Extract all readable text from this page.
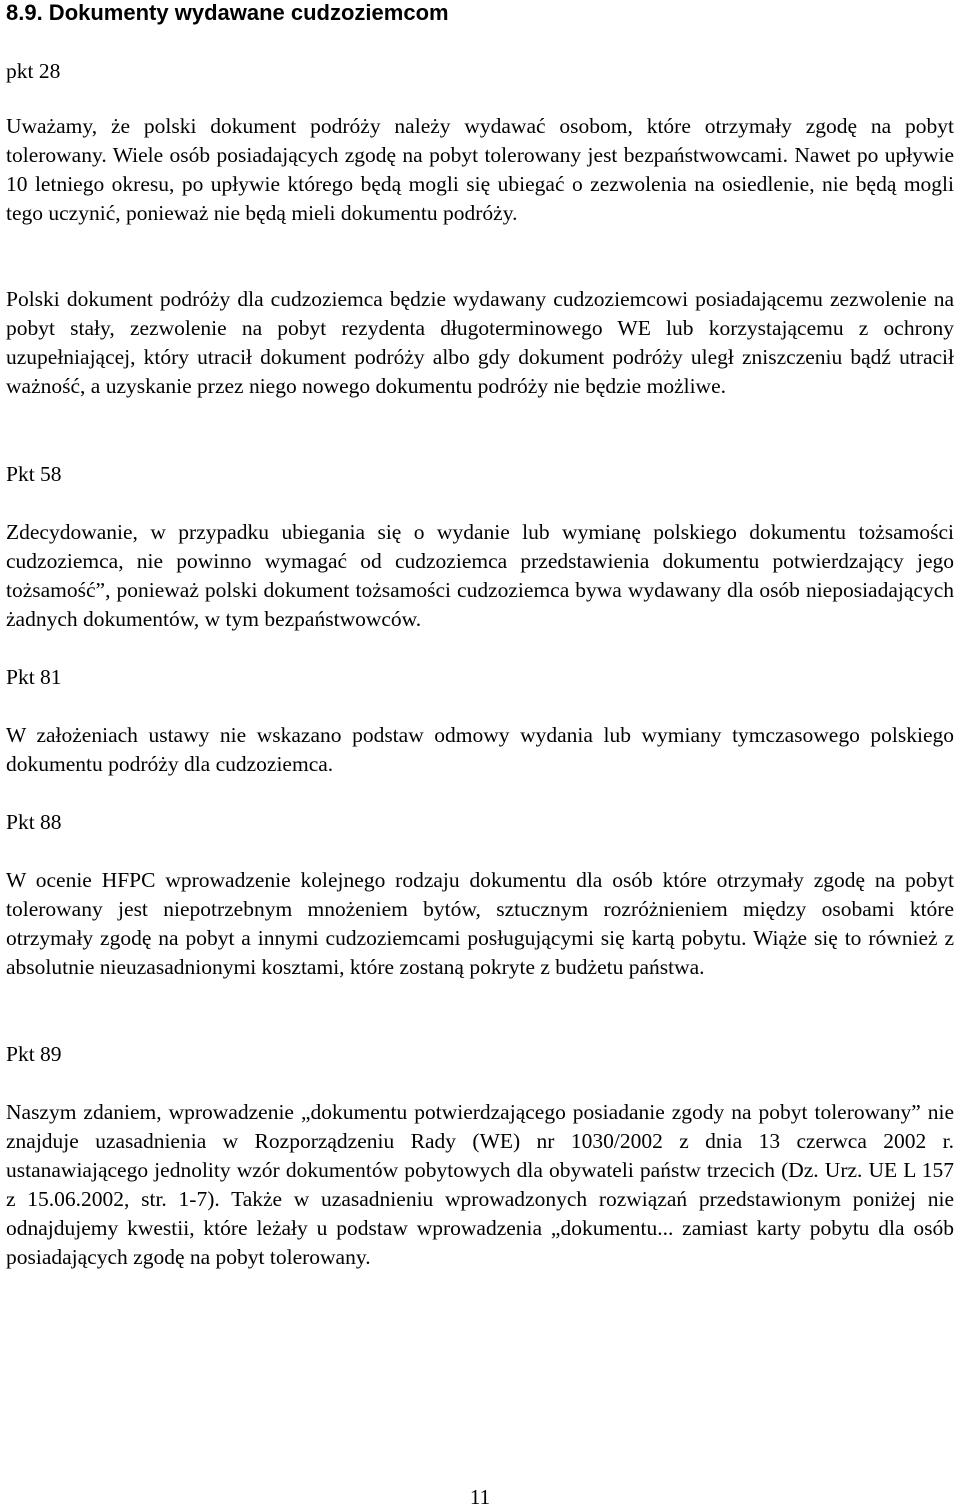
8.9. Dokumenty wydawane cudzoziemcom
pkt 28

Uważamy, że polski dokument podróży należy wydawać osobom, które otrzymały zgodę na pobyt tolerowany. Wiele osób posiadających zgodę na pobyt tolerowany jest bezpaństwowcami. Nawet po upływie 10 letniego okresu, po upływie którego będą mogli się ubiegać o zezwolenia na osiedlenie, nie będą mogli tego uczynić, ponieważ nie będą mieli dokumentu podróży.

Polski dokument podróży dla cudzoziemca będzie wydawany cudzoziemcowi posiadającemu zezwolenie na pobyt stały, zezwolenie na pobyt rezydenta długoterminowego WE lub korzystającemu z ochrony uzupełniającej, który utracił dokument podróży albo gdy dokument podróży uległ zniszczeniu bądź utracił ważność, a uzyskanie przez niego nowego dokumentu podróży nie będzie możliwe.

Pkt 58

Zdecydowanie, w przypadku ubiegania się o wydanie lub wymianę polskiego dokumentu tożsamości cudzoziemca, nie powinno wymagać od cudzoziemca przedstawienia dokumentu potwierdzający jego tożsamość”, ponieważ polski dokument tożsamości cudzoziemca bywa wydawany dla osób nieposiadających żadnych dokumentów, w tym bezpaństwowców.

Pkt 81

W założeniach ustawy nie wskazano podstaw odmowy wydania lub wymiany tymczasowego polskiego dokumentu podróży dla cudzoziemca.

Pkt 88

W ocenie HFPC wprowadzenie kolejnego rodzaju dokumentu dla osób które otrzymały zgodę na pobyt tolerowany jest niepotrzebnym mnożeniem bytów, sztucznym rozróżnieniem między osobami które otrzymały zgodę na pobyt a innymi cudzoziemcami posługującymi się kartą pobytu. Wiąże się to również z absolutnie nieuzasadnionymi kosztami, które zostaną pokryte z budżetu państwa.

Pkt 89

Naszym zdaniem, wprowadzenie „dokumentu potwierdzającego posiadanie zgody na pobyt tolerowany” nie znajduje uzasadnienia w Rozporządzeniu Rady (WE) nr 1030/2002 z dnia 13 czerwca 2002 r. ustanawiającego jednolity wzór dokumentów pobytowych dla obywateli państw trzecich (Dz. Urz. UE L 157 z 15.06.2002, str. 1-7). Także w uzasadnieniu wprowadzonych rozwiązań przedstawionym poniżej nie odnajdujemy kwestii, które leżały u podstaw wprowadzenia „dokumentu... zamiast karty pobytu dla osób posiadających zgodę na pobyt tolerowany.

11
